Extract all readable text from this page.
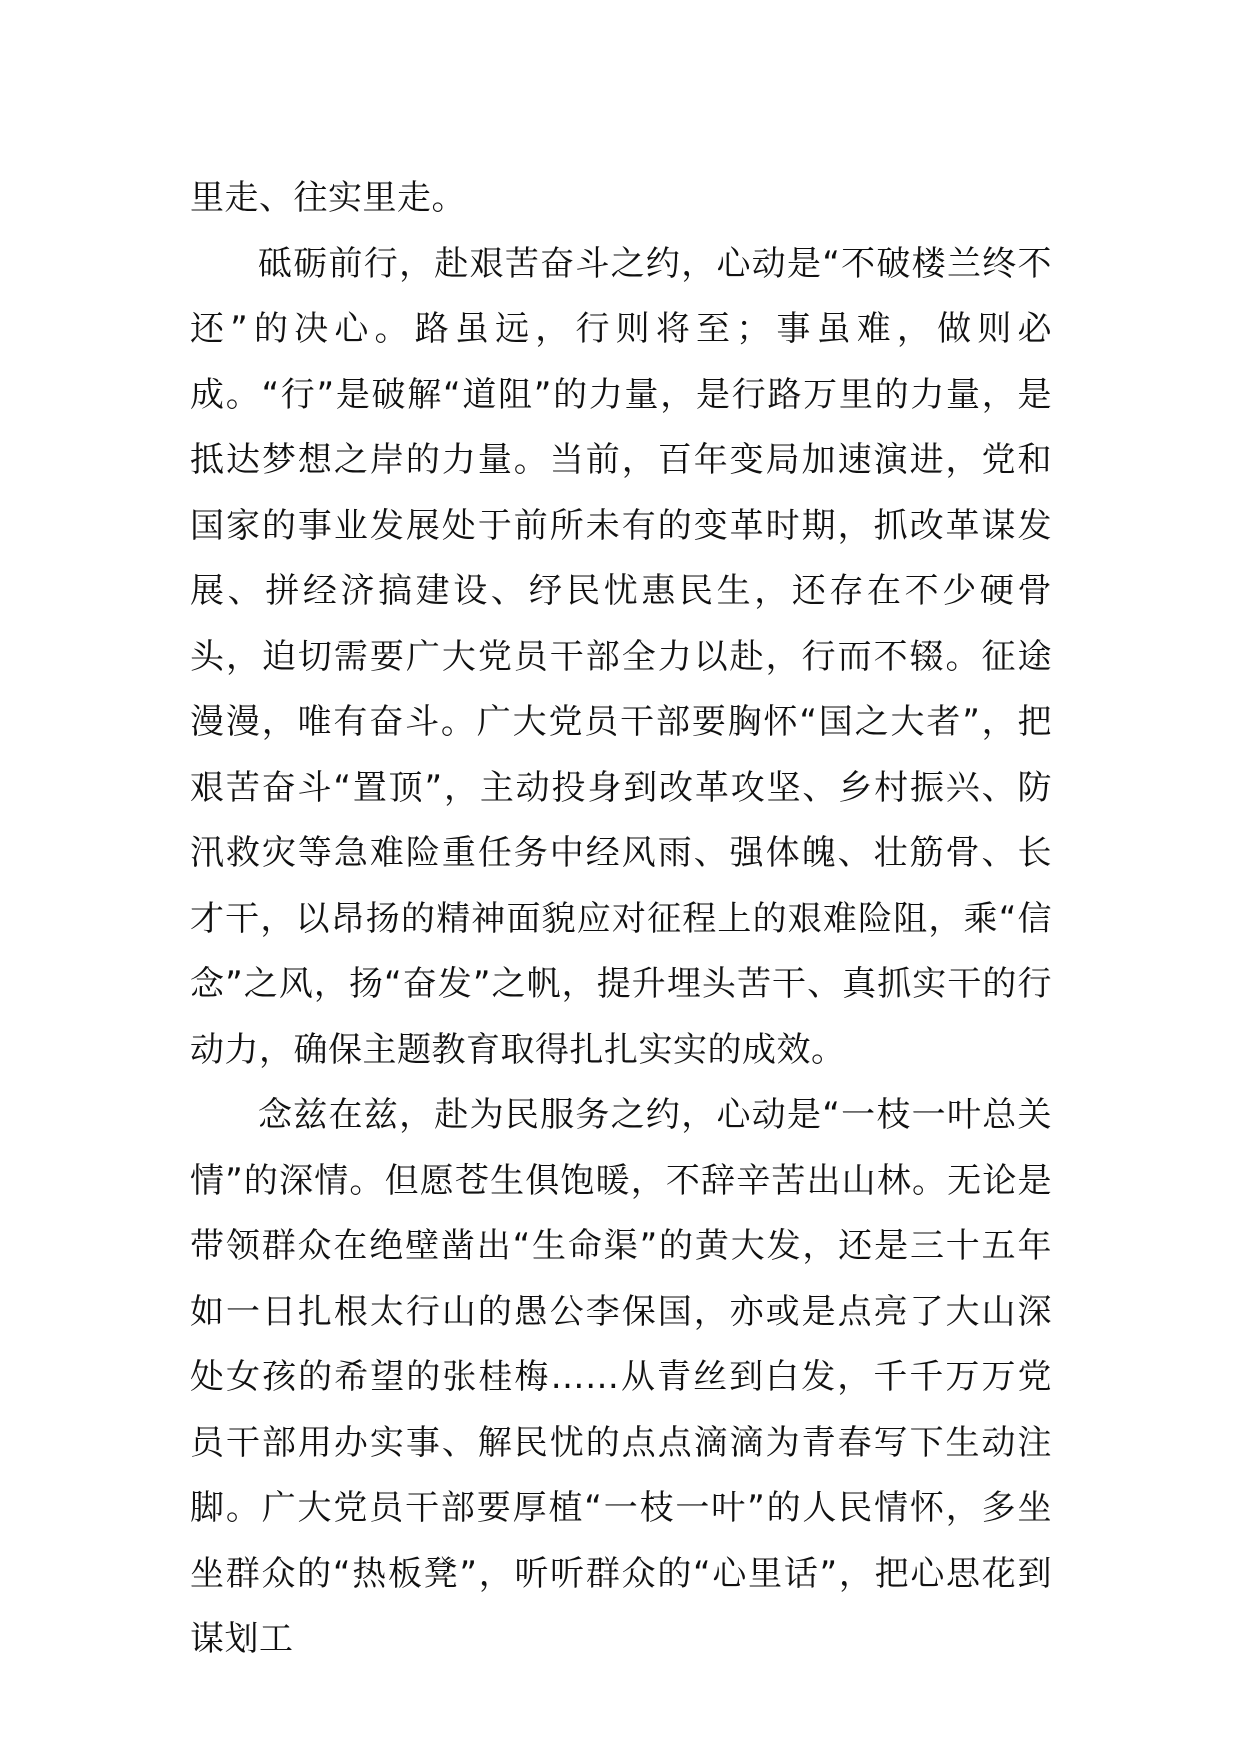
里走、往实里走。

砥砺前行，赴艰苦奋斗之约，心动是“不破楼兰终不还”的决心。路虽远，行则将至；事虽难，做则必成。“行”是破解“道阻”的力量，是行路万里的力量，是抵达梦想之岸的力量。当前，百年变局加速演进，党和国家的事业发展处于前所未有的变革时期，抓改革谋发展、拼经济搞建设、纾民忧惠民生，还存在不少硬骨头，迫切需要广大党员干部全力以赴，行而不辍。征途漫漫，唯有奋斗。广大党员干部要胸怀“国之大者”，把艰苦奋斗“置顶”，主动投身到改革攻坚、乡村振兴、防汛救灾等急难险重任务中经风雨、强体魄、壮筋骨、长才干，以昂扬的精神面貌应对征程上的艰难险阻，乘“信念”之风，扬“奋发”之帆，提升埋头苦干、真抓实干的行动力，确保主题教育取得扎扎实实的成效。

念兹在兹，赴为民服务之约，心动是“一枝一叶总关情”的深情。但愿苍生俱饱暖，不辞辛苦出山林。无论是带领群众在绝壁凿出“生命渠”的黄大发，还是三十五年如一日扎根太行山的愚公李保国，亦或是点亮了大山深处女孩的希望的张桂梅……从青丝到白发，千千万万党员干部用办实事、解民忧的点点滴滴为青春写下生动注脚。广大党员干部要厚植“一枝一叶”的人民情怀，多坐坐群众的“热板凳”，听听群众的“心里话”，把心思花到谋划工
